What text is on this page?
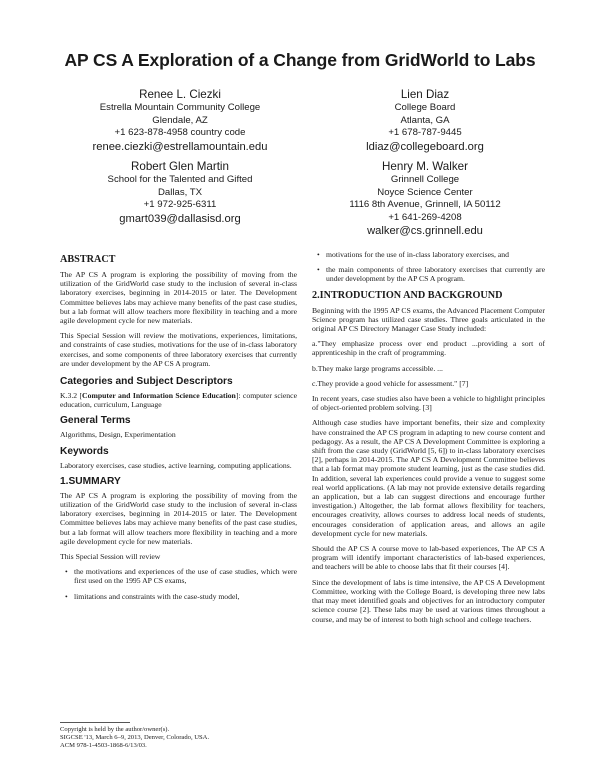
AP CS A Exploration of a Change from GridWorld to Labs
Renee L. Ciezki
Estrella Mountain Community College
Glendale, AZ
+1 623-878-4958 country code
renee.ciezki@estrellamountain.edu
Lien Diaz
College Board
Atlanta, GA
+1 678-787-9445
ldiaz@collegeboard.org
Robert Glen Martin
School for the Talented and Gifted
Dallas, TX
+1 972-925-6311
gmart039@dallasisd.org
Henry M. Walker
Grinnell College
Noyce Science Center
1116 8th Avenue, Grinnell, IA 50112
+1 641-269-4208
walker@cs.grinnell.edu
ABSTRACT

The AP CS A program is exploring the possibility of moving from the utilization of the GridWorld case study to the inclusion of several in-class laboratory exercises, beginning in 2014-2015 or later. The Development Committee believes labs may achieve many benefits of the past case studies, but a lab format will allow teachers more flexibility in teaching and a more agile development cycle for new materials.

This Special Session will review the motivations, experiences, limitations, and constraints of case studies, motivations for the use of in-class laboratory exercises, and some components of three laboratory exercises that currently are under development by the AP CS A program.

Categories and Subject Descriptors

K.3.2 [Computer and Information Science Education]: computer science education, curriculum, Language

General Terms

Algorithms, Design, Experimentation

Keywords

Laboratory exercises, case studies, active learning, computing applications.

1.SUMMARY

The AP CS A program is exploring the possibility of moving from the utilization of the GridWorld case study to the inclusion of several in-class laboratory exercises, beginning in 2014-2015 or later. The Development Committee believes labs may achieve many benefits of the past case studies, but a lab format will allow teachers more flexibility in teaching and a more agile development cycle for new materials.

This Special Session will review

• the motivations and experiences of the use of case studies, which were first used on the 1995 AP CS exams,
• limitations and constraints with the case-study model,
Copyright is held by the author/owner(s).
SIGCSE '13, March 6–9, 2013, Denver, Colorado, USA.
ACM 978-1-4503-1868-6/13/03.
• motivations for the use of in-class laboratory exercises, and
• the main components of three laboratory exercises that currently are under development by the AP CS A program.
2.INTRODUCTION AND BACKGROUND

Beginning with the 1995 AP CS exams, the Advanced Placement Computer Science program has utilized case studies. Three goals articulated in the original AP CS Directory Manager Case Study included:

a."They emphasize process over end product ...providing a sort of apprenticeship in the craft of programming.
b.They make large programs accessible. ...
c.They provide a good vehicle for assessment." [7]

In recent years, case studies also have been a vehicle to highlight principles of object-oriented problem solving. [3]

Although case studies have important benefits, their size and complexity have constrained the AP CS program in adapting to new course content and pedagogy. As a result, the AP CS A Development Committee is exploring a shift from the case study (GridWorld [5, 6]) to in-class laboratory exercises [2], perhaps in 2014-2015. The AP CS A Development Committee believes that a lab format may promote student learning, just as the case studies did. In addition, several lab experiences could provide a venue to suggest some real world applications. (A lab may not provide extensive details regarding an application, but a lab can suggest directions and encourage further investigation.) Altogether, the lab format allows flexibility for teachers, encourages creativity, allows courses to address local needs of students, encourages consideration of application areas, and allows an agile development cycle for new materials.

Should the AP CS A course move to lab-based experiences, The AP CS A program will identify important characteristics of lab-based experiences, and teachers will be able to choose labs that fit their courses [4].

Since the development of labs is time intensive, the AP CS A Development Committee, working with the College Board, is developing three new labs that may meet identified goals and objectives for an introductory computer science course [2]. These labs may be used at various times throughout a course, and may be of interest to both high school and college teachers.
